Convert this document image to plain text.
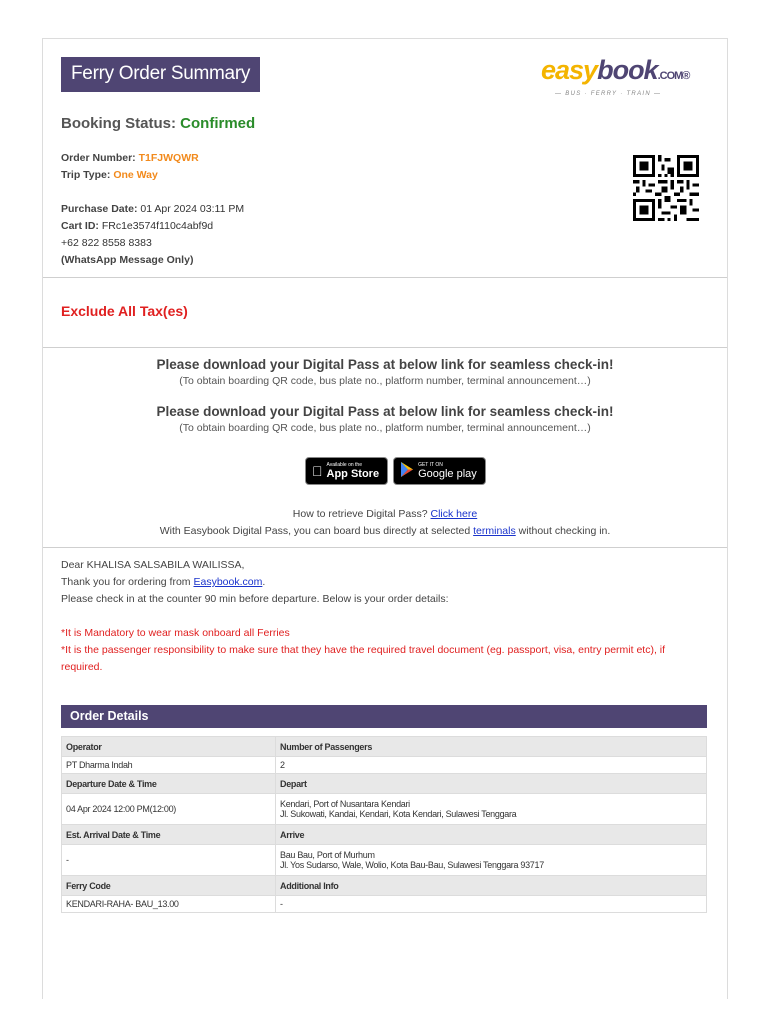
Ferry Order Summary	easybook.COM®
— BUS · FERRY · TRAIN —
Booking Status: Confirmed
Order Number: T1FJWQWR
Trip Type: One Way
Purchase Date: 01 Apr 2024 03:11 PM
Cart ID: FRc1e3574f110c4abf9d
+62 822 8558 8383
(WhatsApp Message Only)
Exclude All Tax(es)
Please download your Digital Pass at below link for seamless check-in!
(To obtain boarding QR code, bus plate no., platform number, terminal announcement…)
Please download your Digital Pass at below link for seamless check-in!
(To obtain boarding QR code, bus plate no., platform number, terminal announcement…)
Available on the
App Store
GET IT ON
Google play
How to retrieve Digital Pass? Click here
With Easybook Digital Pass, you can board bus directly at selected terminals without checking in.
Dear KHALISA SALSABILA WAILISSA,
Thank you for ordering from Easybook.com.
Please check in at the counter 90 min before departure. Below is your order details:
*It is Mandatory to wear mask onboard all Ferries
*It is the passenger responsibility to make sure that they have the required travel document (eg. passport, visa, entry permit etc), if required.
Order Details
Operator	Number of Passengers
PT Dharma Indah	2
Departure Date & Time	Depart
04 Apr 2024 12:00 PM(12:00)	Kendari, Port of Nusantara Kendari
Jl. Sukowati, Kandai, Kendari, Kota Kendari, Sulawesi Tenggara

Est. Arrival Date & Time	Arrive
-	Bau Bau, Port of Murhum
Jl. Yos Sudarso, Wale, Wolio, Kota Bau-Bau, Sulawesi Tenggara 93717

Ferry Code	Additional Info
KENDARI-RAHA- BAU_13.00	-
